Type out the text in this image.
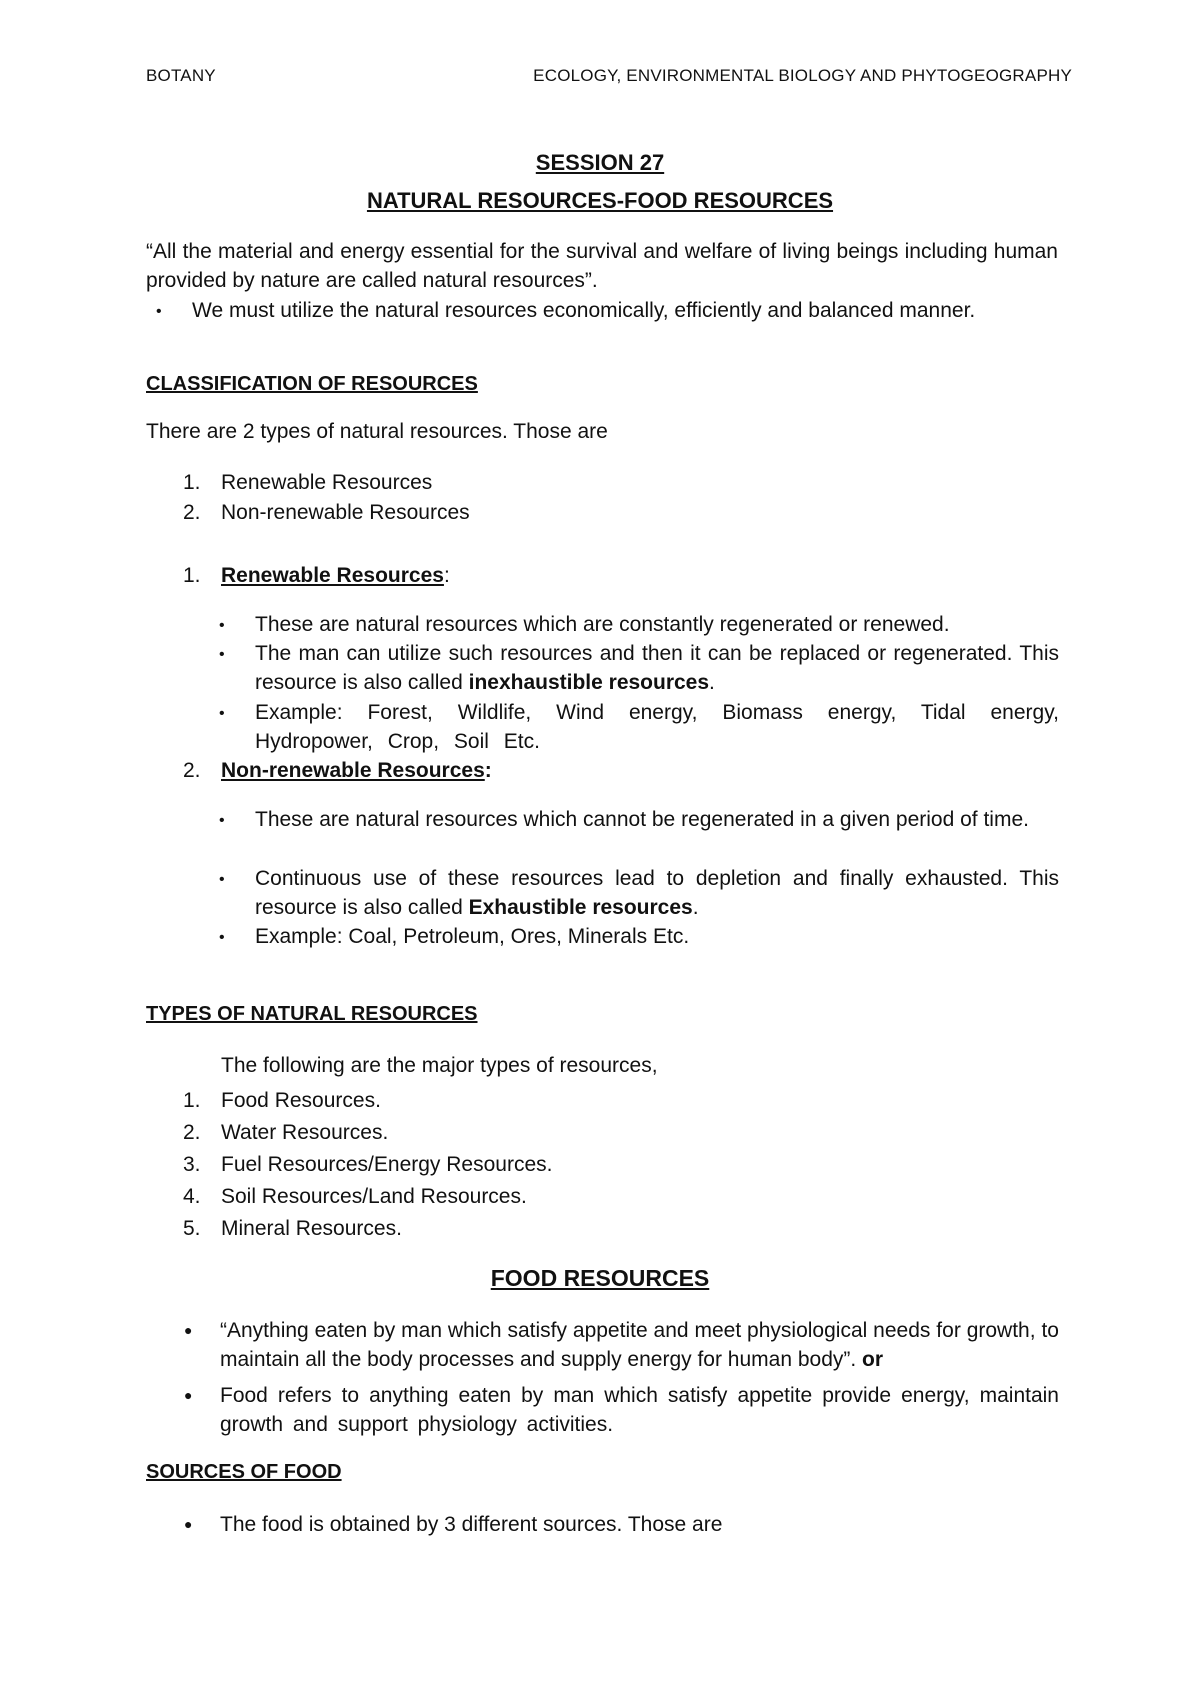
BOTANY	ECOLOGY, ENVIRONMENTAL BIOLOGY AND PHYTOGEOGRAPHY
SESSION 27
NATURAL RESOURCES-FOOD RESOURCES
“All the material and energy essential for the survival and welfare of living beings including human provided by nature are called natural resources”.
•	We must utilize the natural resources economically, efficiently and balanced manner.
CLASSIFICATION OF RESOURCES
There are 2 types of natural resources. Those are
1. Renewable Resources
2. Non-renewable Resources
1. Renewable Resources:
•	These are natural resources which are constantly regenerated or renewed.
•	The man can utilize such resources and then it can be replaced or regenerated. This resource is also called inexhaustible resources.
•	Example: Forest, Wildlife, Wind energy, Biomass energy, Tidal energy, Hydropower, Crop, Soil Etc.
2. Non-renewable Resources:
•	These are natural resources which cannot be regenerated in a given period of time.
•	Continuous use of these resources lead to depletion and finally exhausted. This resource is also called Exhaustible resources.
•	Example: Coal, Petroleum, Ores, Minerals Etc.
TYPES OF NATURAL RESOURCES
The following are the major types of resources,
1. Food Resources.
2. Water Resources.
3. Fuel Resources/Energy Resources.
4. Soil Resources/Land Resources.
5. Mineral Resources.
FOOD RESOURCES
●	“Anything eaten by man which satisfy appetite and meet physiological needs for growth, to maintain all the body processes and supply energy for human body”. or
●	Food refers to anything eaten by man which satisfy appetite provide energy, maintain growth and support physiology activities.
SOURCES OF FOOD
●	The food is obtained by 3 different sources. Those are
